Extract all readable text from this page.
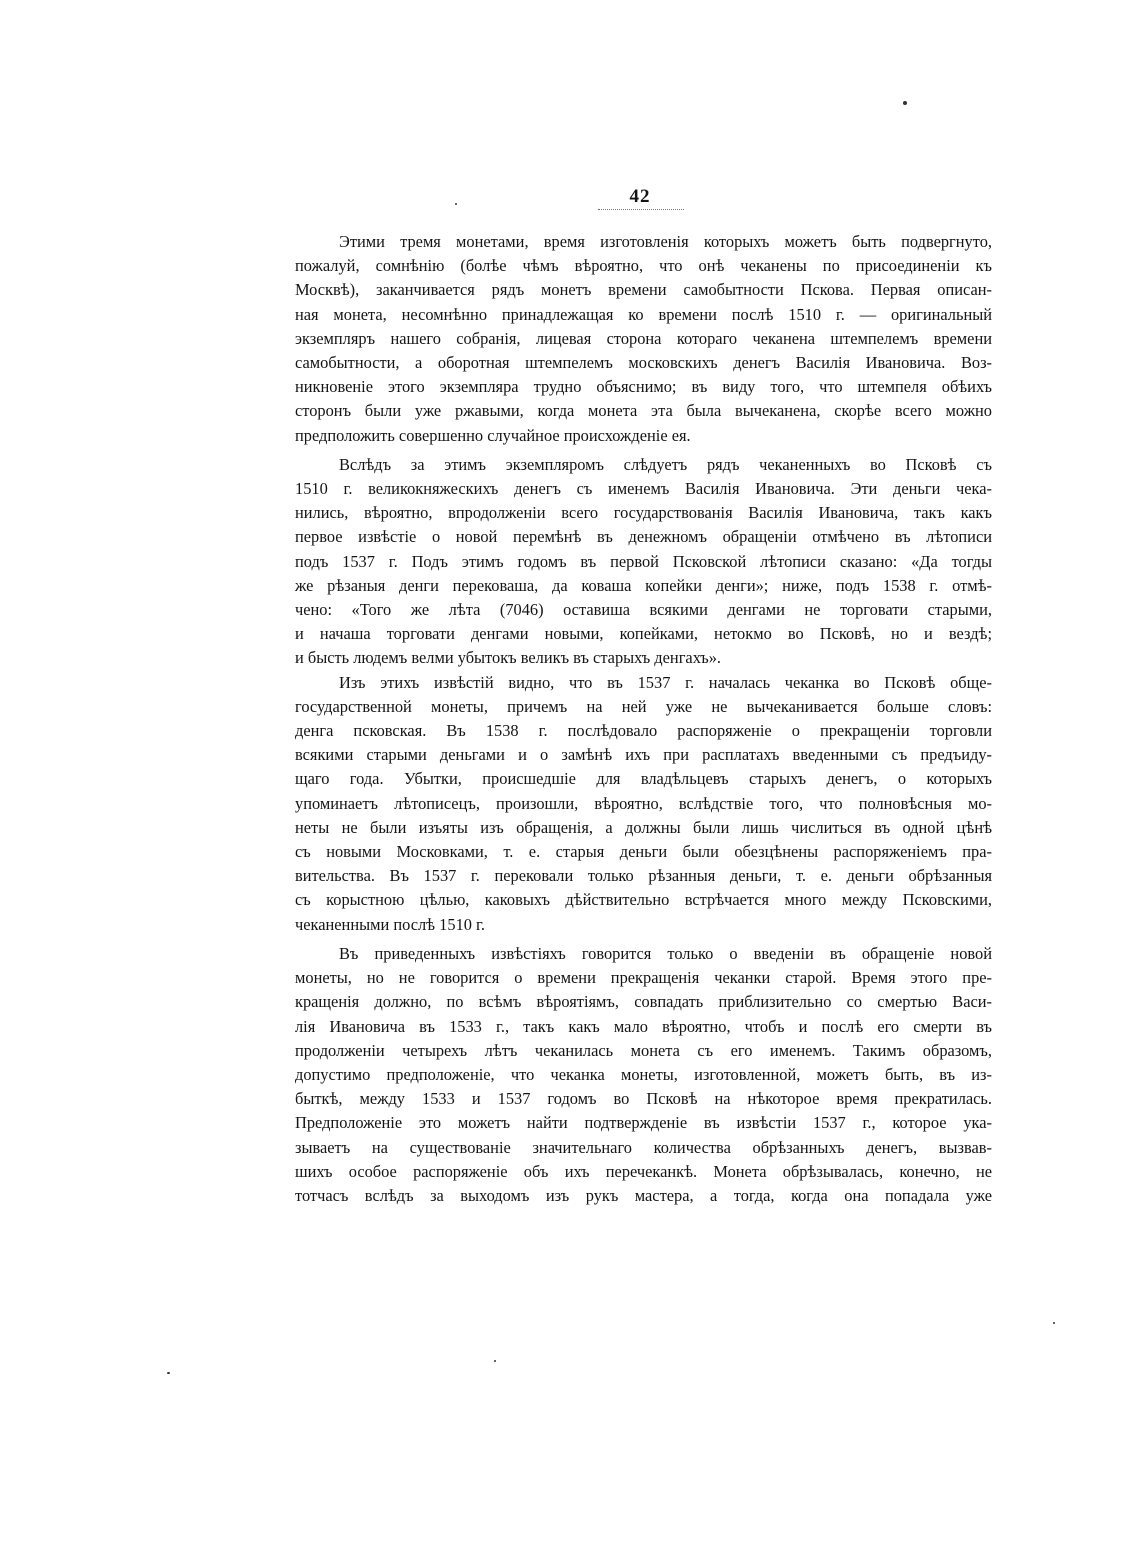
42
Этими тремя монетами, время изготовленія которыхъ можетъ быть подвергнуто,
пожалуй, сомнѣнію (болѣе чѣмъ вѣроятно, что онѣ чеканены по присоединеніи къ
Москвѣ), заканчивается рядъ монетъ времени самобытности Пскова. Первая описан-
ная монета, несомнѣнно принадлежащая ко времени послѣ 1510 г. — оригинальный
экземпляръ нашего собранія, лицевая сторона котораго чеканена штемпелемъ времени
самобытности, а оборотная штемпелемъ московскихъ денегъ Василія Ивановича. Воз-
никновеніе этого экземпляра трудно объяснимо; въ виду того, что штемпеля обѣихъ
сторонъ были уже ржавыми, когда монета эта была вычеканена, скорѣе всего можно
предположить совершенно случайное происхожденіе ея.
Вслѣдъ за этимъ экземпляромъ слѣдуетъ рядъ чеканенныхъ во Псковѣ съ
1510 г. великокняжескихъ денегъ съ именемъ Василія Ивановича. Эти деньги чека-
нились, вѣроятно, впродолженіи всего государствованія Василія Ивановича, такъ какъ
первое извѣстіе о новой перемѣнѣ въ денежномъ обращеніи отмѣчено въ лѣтописи
подъ 1537 г. Подъ этимъ годомъ въ первой Псковской лѣтописи сказано: «Да тогды
же рѣзаныя денги перековаша, да коваша копейки денги»; ниже, подъ 1538 г. отмѣ-
чено: «Того же лѣта (7046) оставиша всякими денгами не торговати старыми,
и начаша торговати денгами новыми, копейками, нетокмо во Псковѣ, но и вездѣ;
и бысть людемъ велми убытокъ великъ въ старыхъ денгахъ».
Изъ этихъ извѣстій видно, что въ 1537 г. началась чеканка во Псковѣ обще-
государственной монеты, причемъ на ней уже не вычеканивается больше словъ:
денга псковская. Въ 1538 г. послѣдовало распоряженіе о прекращеніи торговли
всякими старыми деньгами и о замѣнѣ ихъ при расплатахъ введенными съ предъиду-
щаго года. Убытки, происшедшіе для владѣльцевъ старыхъ денегъ, о которыхъ
упоминаетъ лѣтописецъ, произошли, вѣроятно, вслѣдствіе того, что полновѣсныя мо-
неты не были изъяты изъ обращенія, а должны были лишь числиться въ одной цѣнѣ
съ новыми Московками, т. е. старыя деньги были обезцѣнены распоряженіемъ пра-
вительства. Въ 1537 г. перековали только рѣзанныя деньги, т. е. деньги обрѣзанныя
съ корыстною цѣлью, каковыхъ дѣйствительно встрѣчается много между Псковскими,
чеканенными послѣ 1510 г.
Въ приведенныхъ извѣстіяхъ говорится только о введеніи въ обращеніе новой
монеты, но не говорится о времени прекращенія чеканки старой. Время этого пре-
кращенія должно, по всѣмъ вѣроятіямъ, совпадать приблизительно со смертью Васи-
лія Ивановича въ 1533 г., такъ какъ мало вѣроятно, чтобъ и послѣ его смерти въ
продолженіи четырехъ лѣтъ чеканилась монета съ его именемъ. Такимъ образомъ,
допустимо предположеніе, что чеканка монеты, изготовленной, можетъ быть, въ из-
быткѣ, между 1533 и 1537 годомъ во Псковѣ на нѣкоторое время прекратилась.
Предположеніе это можетъ найти подтвержденіе въ извѣстіи 1537 г., которое ука-
зываетъ на существованіе значительнаго количества обрѣзанныхъ денегъ, вызвав-
шихъ особое распоряженіе объ ихъ перечеканкѣ. Монета обрѣзывалась, конечно, не
тотчасъ вслѣдъ за выходомъ изъ рукъ мастера, а тогда, когда она попадала уже
